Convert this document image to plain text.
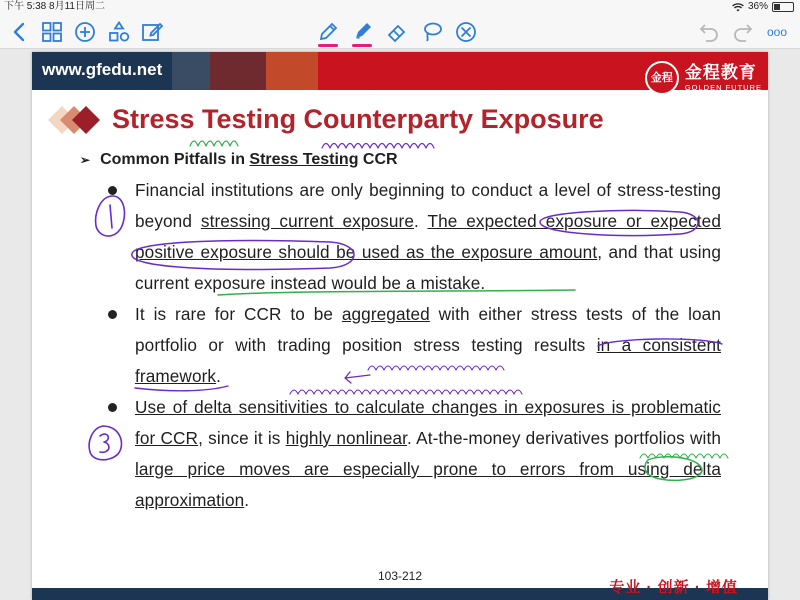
下午 5:38 8月11日周二	36%
ooo
www.gfedu.net	金程 金程教育
GOLDEN FUTURE
Stress Testing Counterparty Exposure
➢ Common Pitfalls in Stress Testing CCR
Financial institutions are only beginning to conduct a level of stress-testing beyond stressing current exposure. The expected exposure or expected positive exposure should be used as the exposure amount, and that using current exposure instead would be a mistake.
It is rare for CCR to be aggregated with either stress tests of the loan portfolio or with trading position stress testing results in a consistent framework.
Use of delta sensitivities to calculate changes in exposures is problematic for CCR, since it is highly nonlinear. At-the-money derivatives portfolios with large price moves are especially prone to errors from using delta approximation.
103-212
专业 · 创新 · 增值
